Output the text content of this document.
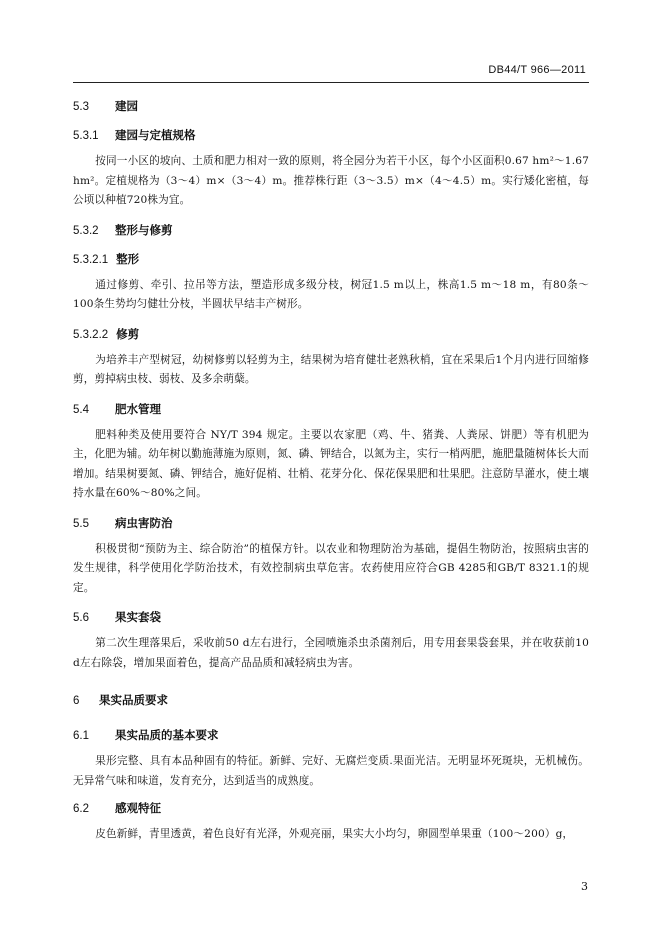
DB44/T 966—2011
5.3 建园
5.3.1 建园与定植规格

按同一小区的坡向、土质和肥力相对一致的原则，将全园分为若干小区，每个小区面积0.67 hm²～1.67 hm²。定植规格为（3～4）m×（3～4）m。推荐株行距（3～3.5）m×（4～4.5）m。实行矮化密植，每公顷以种植720株为宜。

5.3.2 整形与修剪
5.3.2.1 整形

通过修剪、牵引、拉吊等方法，塑造形成多级分枝，树冠1.5 m以上，株高1.5 m～18 m，有80条～100条生势均匀健壮分枝，半圆状早结丰产树形。

5.3.2.2 修剪

为培养丰产型树冠，幼树修剪以轻剪为主，结果树为培育健壮老熟秋梢，宜在采果后1个月内进行回缩修剪，剪掉病虫枝、弱枝、及多余萌蘖。

5.4 肥水管理

肥料种类及使用要符合 NY/T 394 规定。主要以农家肥（鸡、牛、猪粪、人粪尿、饼肥）等有机肥为主，化肥为辅。幼年树以勤施薄施为原则，氮、磷、钾结合，以氮为主，实行一梢两肥，施肥量随树体长大而增加。结果树要氮、磷、钾结合，施好促梢、壮梢、花芽分化、保花保果肥和壮果肥。注意防旱灌水，使土壤持水量在60%～80%之间。

5.5 病虫害防治

积极贯彻“预防为主、综合防治”的植保方针。以农业和物理防治为基础，提倡生物防治，按照病虫害的发生规律，科学使用化学防治技术，有效控制病虫草危害。农药使用应符合GB 4285和GB/T 8321.1的规定。

5.6 果实套袋

第二次生理落果后，采收前50 d左右进行，全园喷施杀虫杀菌剂后，用专用套果袋套果，并在收获前10 d左右除袋，增加果面着色，提高产品品质和减轻病虫为害。

6 果实品质要求
6.1 果实品质的基本要求

果形完整、具有本品种固有的特征。新鲜、完好、无腐烂变质.果面光洁。无明显坏死斑块，无机械伤。无异常气味和味道，发育充分，达到适当的成熟度。

6.2 感观特征

皮色新鲜，青里透黄，着色良好有光泽，外观亮丽，果实大小均匀，卵圆型单果重（100～200）g，

3
